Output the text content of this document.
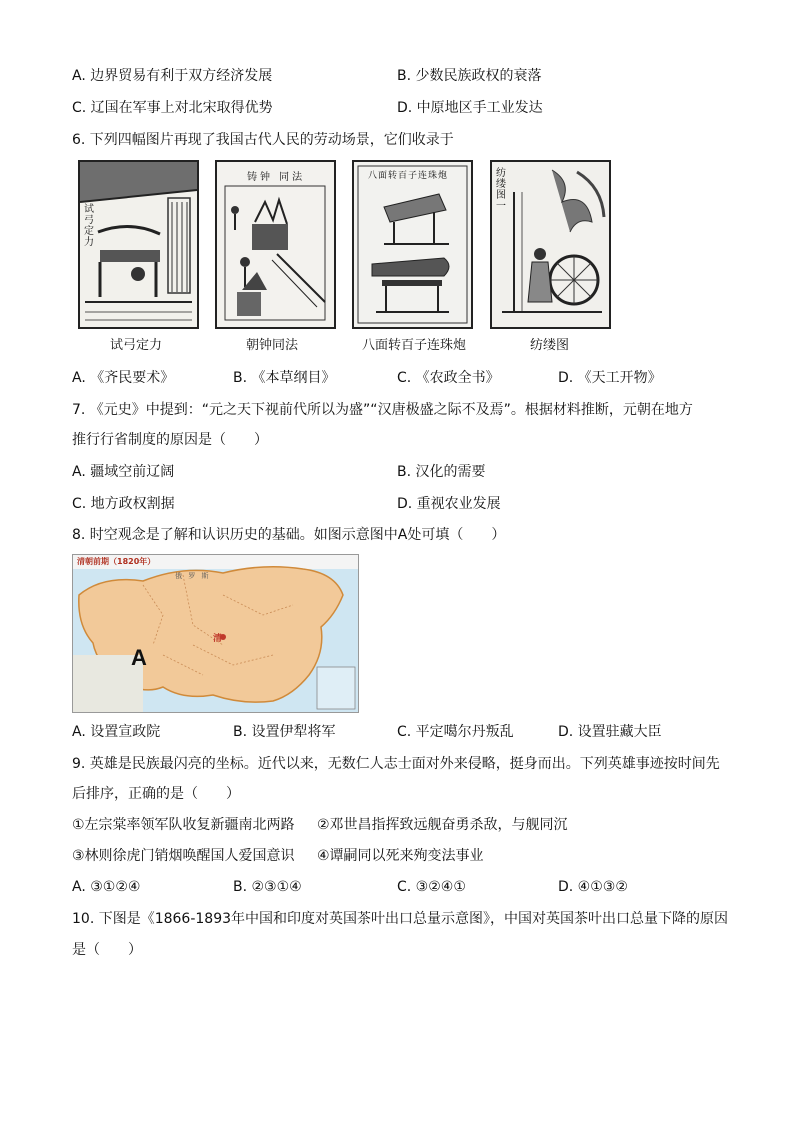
A. 边界贸易有利于双方经济发展	B. 少数民族政权的衰落
C. 辽国在军事上对北宋取得优势	D. 中原地区手工业发达
6. 下列四幅图片再现了我国古代人民的劳动场景，它们收录于
试弓定力
铸钟 同法	八面转百子连珠炮	纺缕图一
试弓定力	朝钟同法	八面转百子连珠炮	纺缕图
A. 《齐民要术》	B. 《本草纲目》	C. 《农政全书》	D. 《天工开物》
7. 《元史》中提到：“元之天下视前代所以为盛”“汉唐极盛之际不及焉”。根据材料推断，元朝在地方
推行行省制度的原因是（　　）
A. 疆域空前辽阔	B. 汉化的需要
C. 地方政权割据	D. 重视农业发展
8. 时空观念是了解和认识历史的基础。如图示意图中A处可填（　　）
清朝前期（1820年）
俄 罗 斯
清
A
A. 设置宣政院	B. 设置伊犁将军	C. 平定噶尔丹叛乱	D. 设置驻藏大臣
9. 英雄是民族最闪亮的坐标。近代以来，无数仁人志士面对外来侵略，挺身而出。下列英雄事迹按时间先
后排序，正确的是（　　）
①左宗棠率领军队收复新疆南北两路 ②邓世昌指挥致远舰奋勇杀敌，与舰同沉
③林则徐虎门销烟唤醒国人爱国意识 ④谭嗣同以死来殉变法事业
A. ③①②④	B. ②③①④	C. ③②④①	D. ④①③②
10. 下图是《1866-1893年中国和印度对英国茶叶出口总量示意图》，中国对英国茶叶出口总量下降的原因
是（　　）
